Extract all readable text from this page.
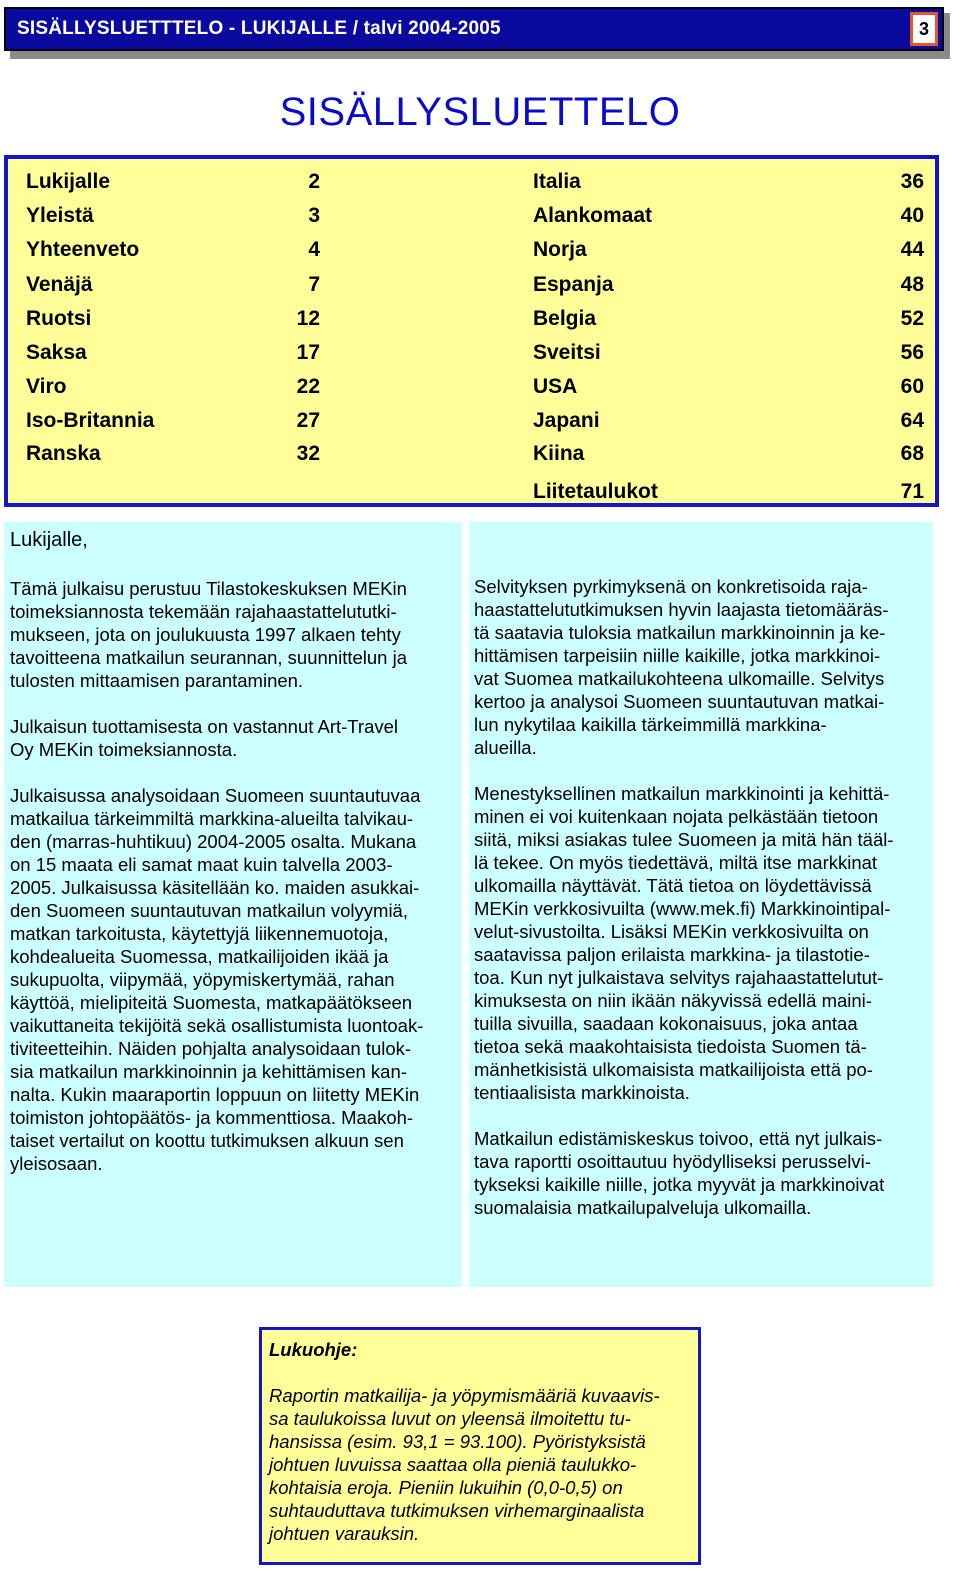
SISÄLLYSLUETTTELO - LUKIJALLE / talvi 2004-2005	3
SISÄLLYSLUETTELO
Lukijalle	2
Yleistä	3
Yhteenveto	4
Venäjä	7
Ruotsi	12
Saksa	17
Viro	22
Iso-Britannia	27
Ranska	32
Italia	36
Alankomaat	40
Norja	44
Espanja	48
Belgia	52
Sveitsi	56
USA	60
Japani	64
Kiina	68
Liitetaulukot	71
Lukijalle,
Tämä julkaisu perustuu Tilastokeskuksen MEKin
toimeksiannosta tekemään rajahaastattelututki-
mukseen, jota on joulukuusta 1997 alkaen tehty
tavoitteena matkailun seurannan, suunnittelun ja
tulosten mittaamisen parantaminen.
Julkaisun tuottamisesta on vastannut Art-Travel
Oy MEKin toimeksiannosta.
Julkaisussa analysoidaan Suomeen suuntautuvaa
matkailua tärkeimmiltä markkina-alueilta talvikau-
den (marras-huhtikuu) 2004-2005 osalta. Mukana
on 15 maata eli samat maat kuin talvella 2003-
2005. Julkaisussa käsitellään ko. maiden asukkai-
den Suomeen suuntautuvan matkailun volyymiä,
matkan tarkoitusta, käytettyjä liikennemuotoja,
kohdealueita Suomessa, matkailijoiden ikää ja
sukupuolta, viipymää, yöpymiskertymää, rahan
käyttöä, mielipiteitä Suomesta, matkapäätökseen
vaikuttaneita tekijöitä sekä osallistumista luontoak-
tiviteetteihin. Näiden pohjalta analysoidaan tulok-
sia matkailun markkinoinnin ja kehittämisen kan-
nalta. Kukin maaraportin loppuun on liitetty MEKin
toimiston johtopäätös- ja kommenttiosa. Maakoh-
taiset vertailut on koottu tutkimuksen alkuun sen
yleisosaan.
Selvityksen pyrkimyksenä on konkretisoida raja-
haastattelututkimuksen hyvin laajasta tietomääräs-
tä saatavia tuloksia matkailun markkinoinnin ja ke-
hittämisen tarpeisiin niille kaikille, jotka markkinoi-
vat Suomea matkailukohteena ulkomaille. Selvitys
kertoo ja analysoi Suomeen suuntautuvan matkai-
lun nykytilaa kaikilla tärkeimmillä markkina-
alueilla.
Menestyksellinen matkailun markkinointi ja kehittä-
minen ei voi kuitenkaan nojata pelkästään tietoon
siitä, miksi asiakas tulee Suomeen ja mitä hän tääl-
lä tekee. On myös tiedettävä, miltä itse markkinat
ulkomailla näyttävät. Tätä tietoa on löydettävissä
MEKin verkkosivuilta (www.mek.fi) Markkinointipal-
velut-sivustoilta. Lisäksi MEKin verkkosivuilta on
saatavissa paljon erilaista markkina- ja tilastotie-
toa. Kun nyt julkaistava selvitys rajahaastattelutut-
kimuksesta on niin ikään näkyvissä edellä maini-
tuilla sivuilla, saadaan kokonaisuus, joka antaa
tietoa sekä maakohtaisista tiedoista Suomen tä-
mänhetkisistä ulkomaisista matkailijoista että po-
tentiaalisista markkinoista.
Matkailun edistämiskeskus toivoo, että nyt julkais-
tava raportti osoittautuu hyödylliseksi perusselvi-
tykseksi kaikille niille, jotka myyvät ja markkinoivat
suomalaisia matkailupalveluja ulkomailla.
Lukuohje:
Raportin matkailija- ja yöpymismääriä kuvaavis-
sa taulukoissa luvut on yleensä ilmoitettu tu-
hansissa (esim. 93,1 = 93.100). Pyöristyksistä
johtuen luvuissa saattaa olla pieniä taulukko-
kohtaisia eroja. Pieniin lukuihin (0,0-0,5) on
suhtauduttava tutkimuksen virhemarginaalista
johtuen varauksin.
